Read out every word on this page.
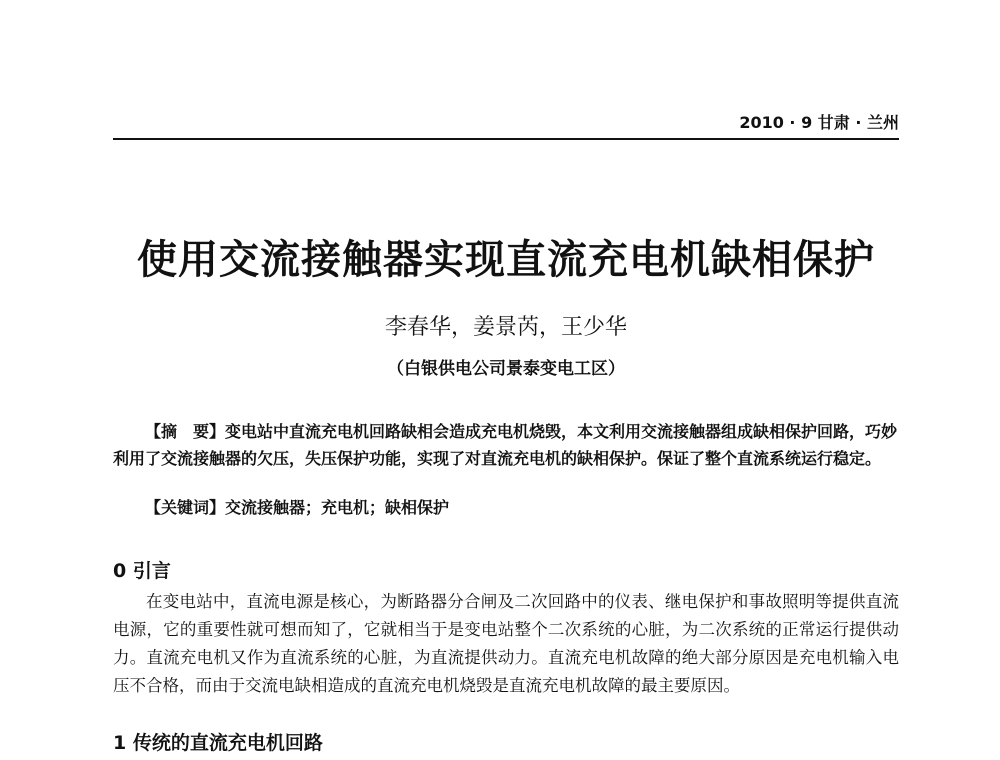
2010 · 9 甘肃 · 兰州
使用交流接触器实现直流充电机缺相保护
李春华，姜景芮，王少华
（白银供电公司景泰变电工区）
【摘　要】变电站中直流充电机回路缺相会造成充电机烧毁，本文利用交流接触器组成缺相保护回路，巧妙利用了交流接触器的欠压，失压保护功能，实现了对直流充电机的缺相保护。保证了整个直流系统运行稳定。
【关键词】交流接触器；充电机；缺相保护
0 引言
在变电站中，直流电源是核心，为断路器分合闸及二次回路中的仪表、继电保护和事故照明等提供直流电源，它的重要性就可想而知了，它就相当于是变电站整个二次系统的心脏，为二次系统的正常运行提供动力。直流充电机又作为直流系统的心脏，为直流提供动力。直流充电机故障的绝大部分原因是充电机输入电压不合格，而由于交流电缺相造成的直流充电机烧毁是直流充电机故障的最主要原因。
1 传统的直流充电机回路
